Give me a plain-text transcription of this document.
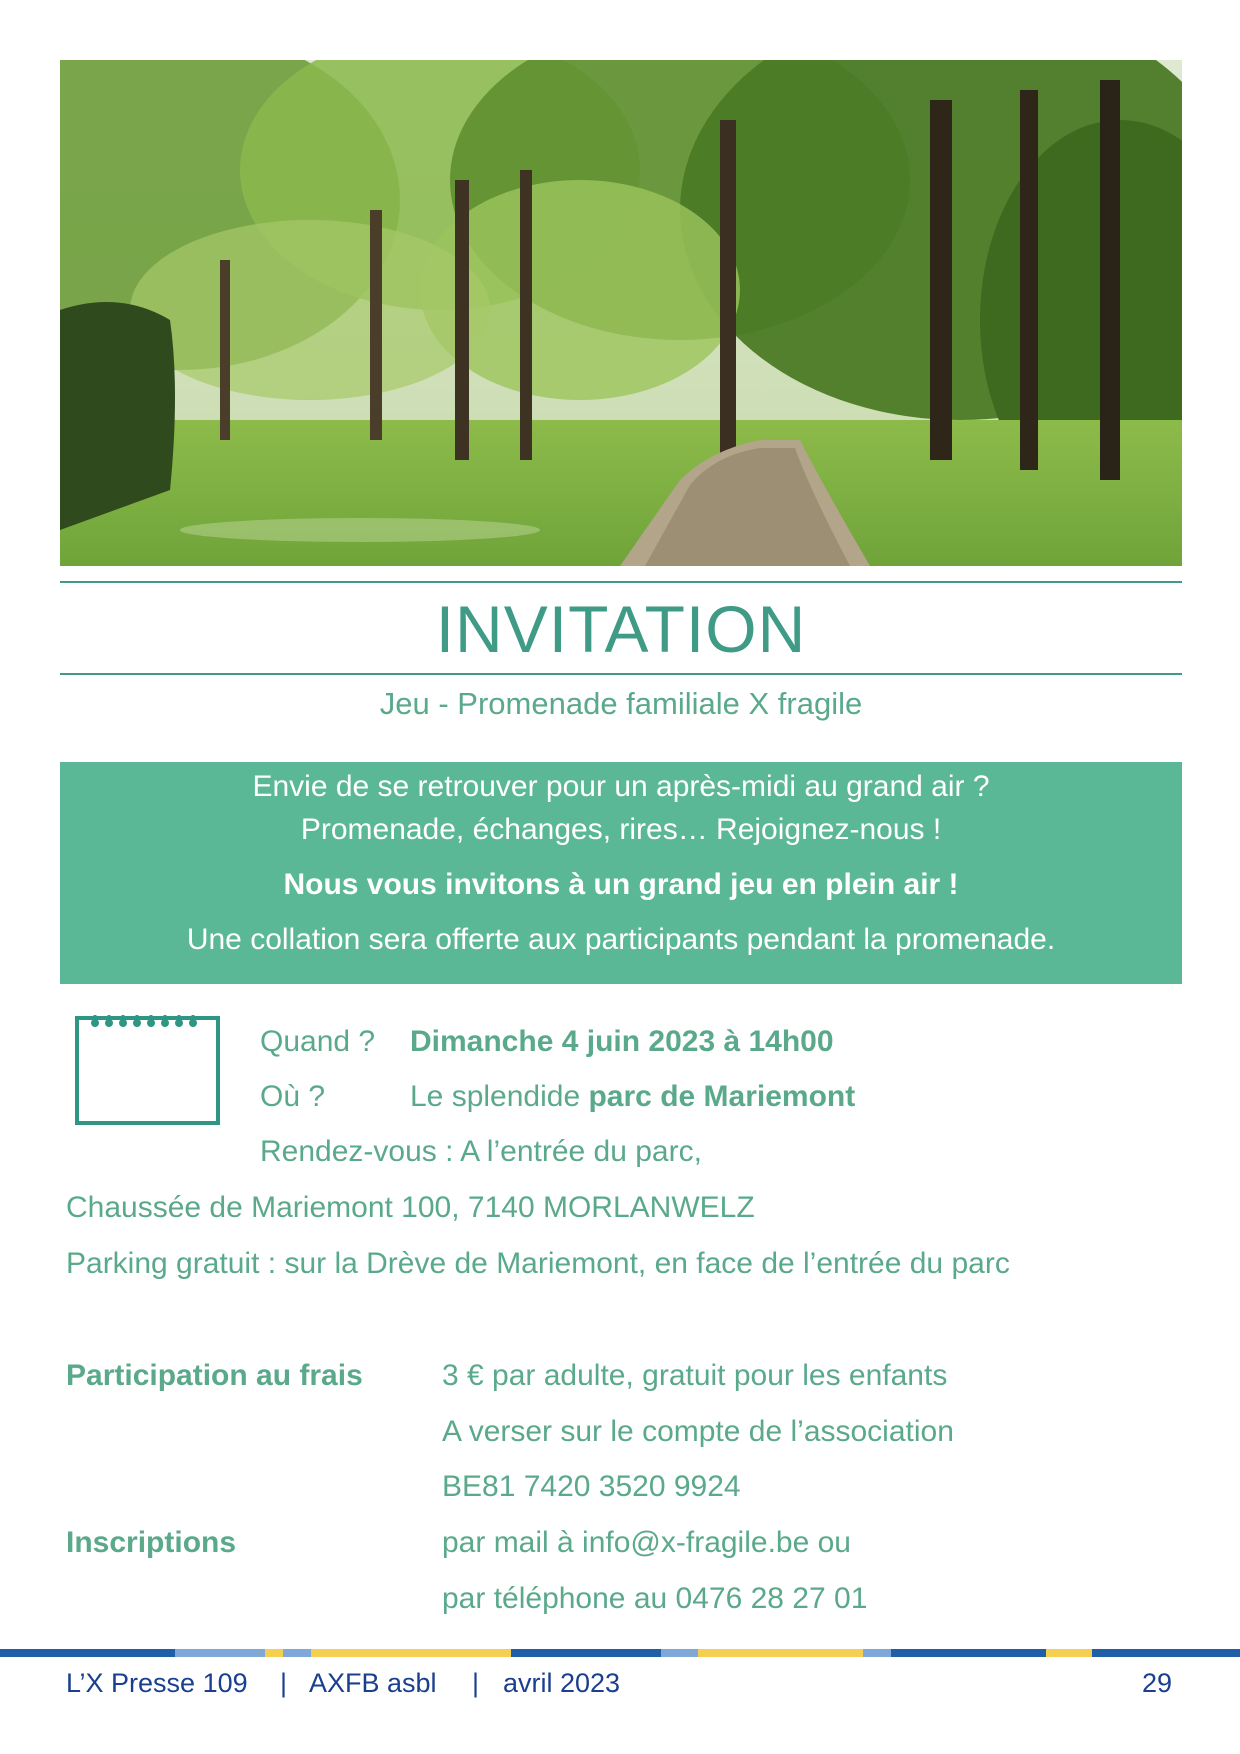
INVITATION
Jeu - Promenade familiale X fragile
Envie de se retrouver pour un après-midi au grand air ?
Promenade, échanges, rires… Rejoignez-nous !
Nous vous invitons à un grand jeu en plein air !
Une collation sera offerte aux participants pendant la promenade.
Quand ? Dimanche 4 juin 2023 à 14h00
Où ?	Le splendide parc de Mariemont
Rendez-vous : A l’entrée du parc,
Chaussée de Mariemont 100, 7140 MORLANWELZ
Parking gratuit : sur la Drève de Mariemont, en face de l’entrée du parc
Participation au frais	3 € par adulte, gratuit pour les enfants
A verser sur le compte de l’association
BE81 7420 3520 9924
Inscriptions	par mail à info@x-fragile.be ou
par téléphone au 0476 28 27 01
L’X Presse 109 | AXFB asbl | avril 2023	29
